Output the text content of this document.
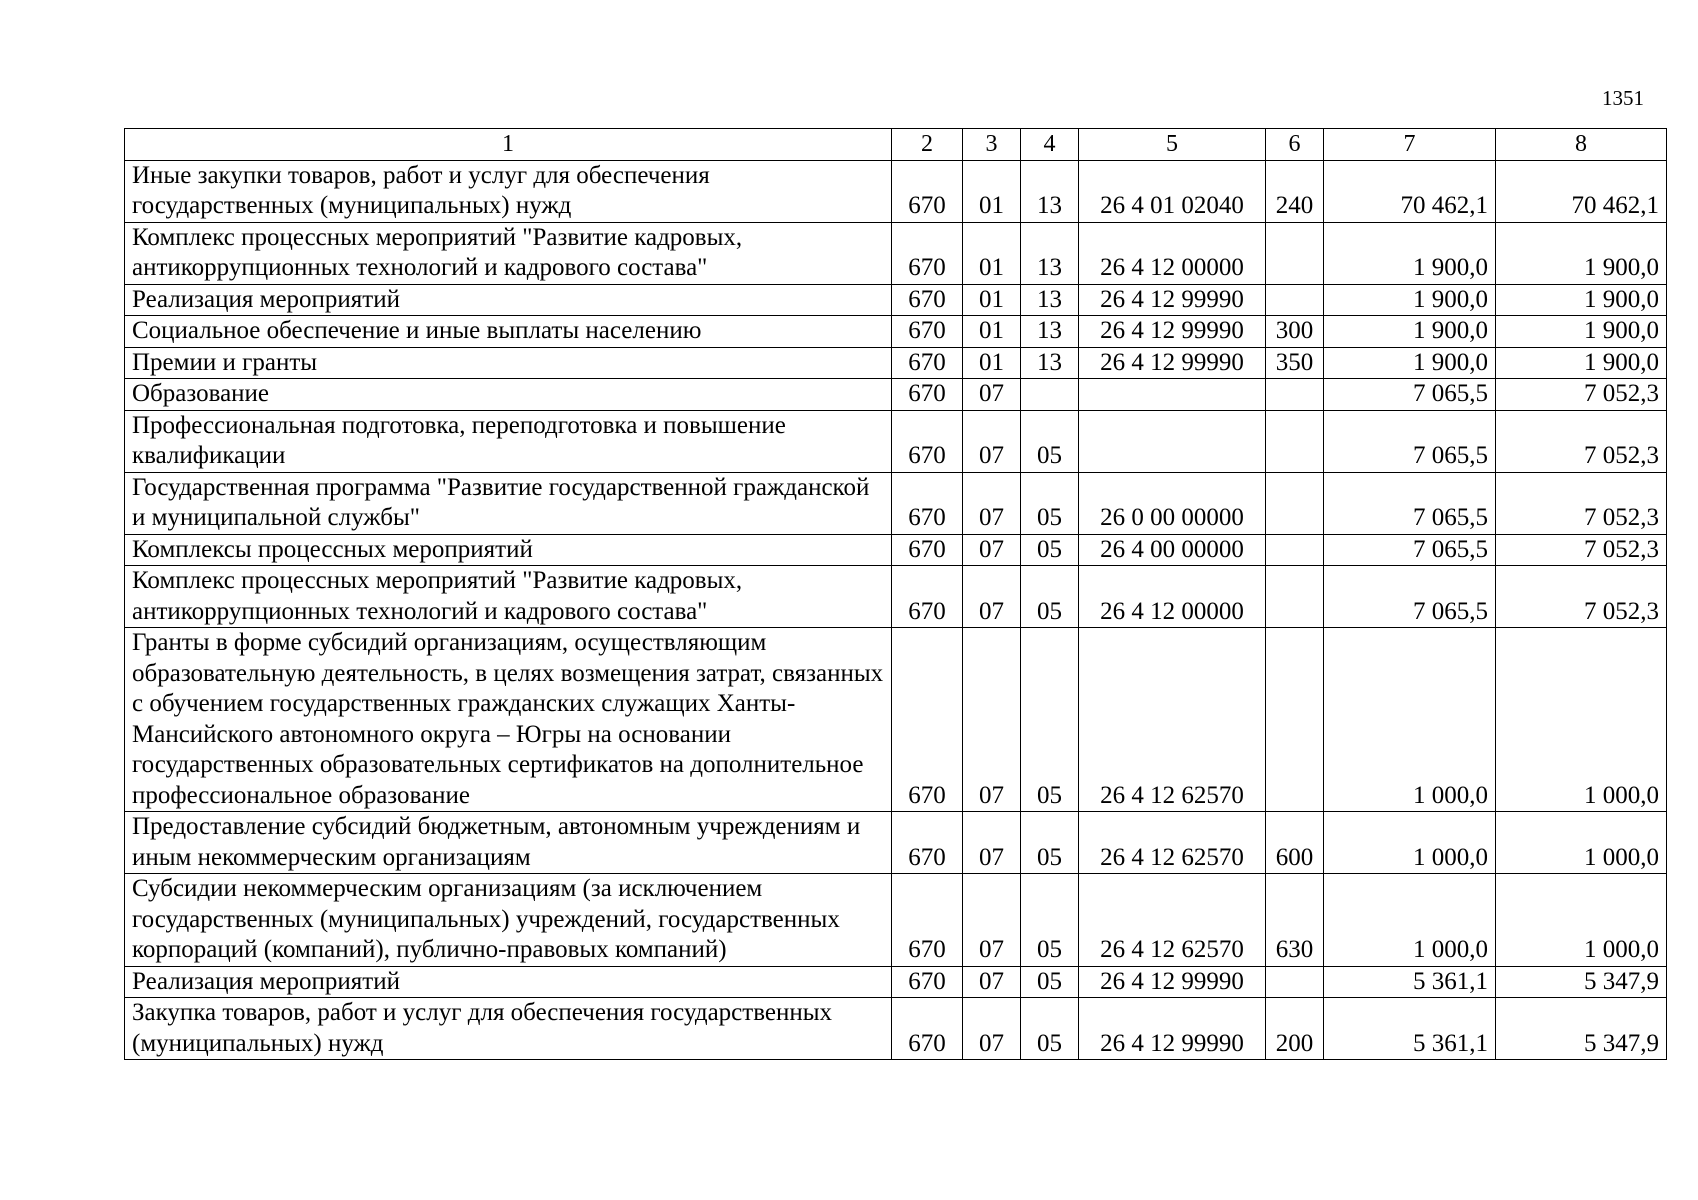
1351
1	2	3	4	5	6	7	8
Иные закупки товаров, работ и услуг для обеспечения государственных (муниципальных) нужд	670	01	13	26 4 01 02040	240	70 462,1	70 462,1
Комплекс процессных мероприятий "Развитие кадровых, антикоррупционных технологий и кадрового состава"	670	01	13	26 4 12 00000		1 900,0	1 900,0
Реализация мероприятий	670	01	13	26 4 12 99990		1 900,0	1 900,0
Социальное обеспечение и иные выплаты населению	670	01	13	26 4 12 99990	300	1 900,0	1 900,0
Премии и гранты	670	01	13	26 4 12 99990	350	1 900,0	1 900,0
Образование	670	07				7 065,5	7 052,3
Профессиональная подготовка, переподготовка и повышение квалификации	670	07	05			7 065,5	7 052,3
Государственная программа "Развитие государственной гражданской и муниципальной службы"	670	07	05	26 0 00 00000		7 065,5	7 052,3
Комплексы процессных мероприятий	670	07	05	26 4 00 00000		7 065,5	7 052,3
Комплекс процессных мероприятий "Развитие кадровых, антикоррупционных технологий и кадрового состава"	670	07	05	26 4 12 00000		7 065,5	7 052,3
Гранты в форме субсидий организациям, осуществляющим образовательную деятельность, в целях возмещения затрат, связанных с обучением государственных гражданских служащих Ханты-Мансийского автономного округа – Югры на основании государственных образовательных сертификатов на дополнительное профессиональное образование	670	07	05	26 4 12 62570		1 000,0	1 000,0
Предоставление субсидий бюджетным, автономным учреждениям и иным некоммерческим организациям	670	07	05	26 4 12 62570	600	1 000,0	1 000,0
Субсидии некоммерческим организациям (за исключением государственных (муниципальных) учреждений, государственных корпораций (компаний), публично-правовых компаний)	670	07	05	26 4 12 62570	630	1 000,0	1 000,0
Реализация мероприятий	670	07	05	26 4 12 99990		5 361,1	5 347,9
Закупка товаров, работ и услуг для обеспечения государственных (муниципальных) нужд	670	07	05	26 4 12 99990	200	5 361,1	5 347,9
